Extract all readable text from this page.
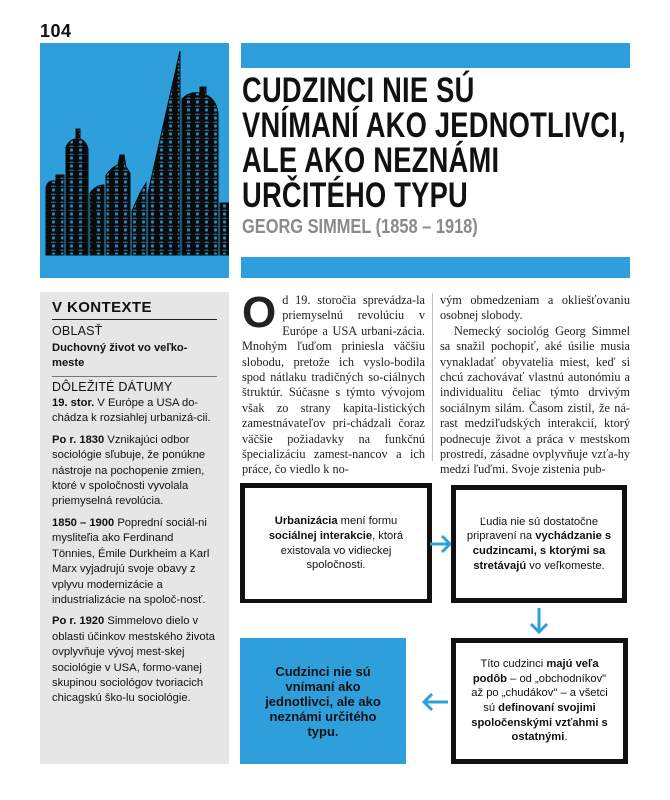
104
CUDZINCI NIE SÚ
VNÍMANÍ AKO JEDNOTLIVCI,
ALE AKO NEZNÁMI
URČITÉHO TYPU
GEORG SIMMEL (1858 – 1918)
V KONTEXTE
OBLASŤ
Duchovný život vo veľko-meste
DÔLEŽITÉ DÁTUMY
19. stor. V Európe a USA do-chádza k rozsiahlej urbanizá-cii.
Po r. 1830 Vznikajúci odbor sociológie sľubuje, že ponúkne nástroje na pochopenie zmien, ktoré v spoločnosti vyvolala priemyselná revolúcia.
1850 – 1900 Poprední sociál-ni mysliteľia ako Ferdinand Tönnies, Émile Durkheim a Karl Marx vyjadrujú svoje obavy z vplyvu modernizácie a industrializácie na spoloč-nosť.
Po r. 1920 Simmelovo dielo v oblasti účinkov mestského života ovplyvňuje vývoj mest-skej sociológie v USA, formo-vanej skupinou sociológov tvoriacich chicagskú ško-lu sociológie.
O d 19. storočia sprevádza-la priemyselnú revolúciu v Európe a USA urbani-zácia. Mnohým ľuďom priniesla väčšiu slobodu, pretože ich vyslo-bodila spod nátlaku tradičných so-ciálnych štruktúr. Súčasne s týmto vývojom však zo strany kapita-listických zamestnávateľov pri-chádzali čoraz väčšie požiadavky na funkčnú špecializáciu zamest-nancov a ich práce, čo viedlo k no-

vým obmedzeniam a okliešťovaniu osobnej slobody.

Nemecký sociológ Georg Simmel sa snažil pochopiť, aké úsilie musia vynakladať obyvatelia miest, keď si chcú zachovávať vlastnú autonómiu a individualitu čeliac týmto drvivým sociálnym silám. Časom zistil, že ná-rast medziľudských interakcií, ktorý podnecuje život a práca v mestskom prostredí, zásadne ovplyvňuje vzťa-hy medzi ľuďmi. Svoje zistenia pub-

Urbanizácia mení formu sociálnej interakcie, ktorá existovala vo vidieckej spoločnosti.
Ľudia nie sú dostatočne pripravení na vychádzanie s cudzincami, s ktorými sa stretávajú vo veľkomeste.
Títo cudzinci majú veľa podôb – od „obchodníkov" až po „chudákov" – a všetci sú definovaní svojimi spoločenskými vzťahmi s ostatnými.
Cudzinci nie sú vnímaní ako jednotlivci, ale ako neznámi určitého typu.
